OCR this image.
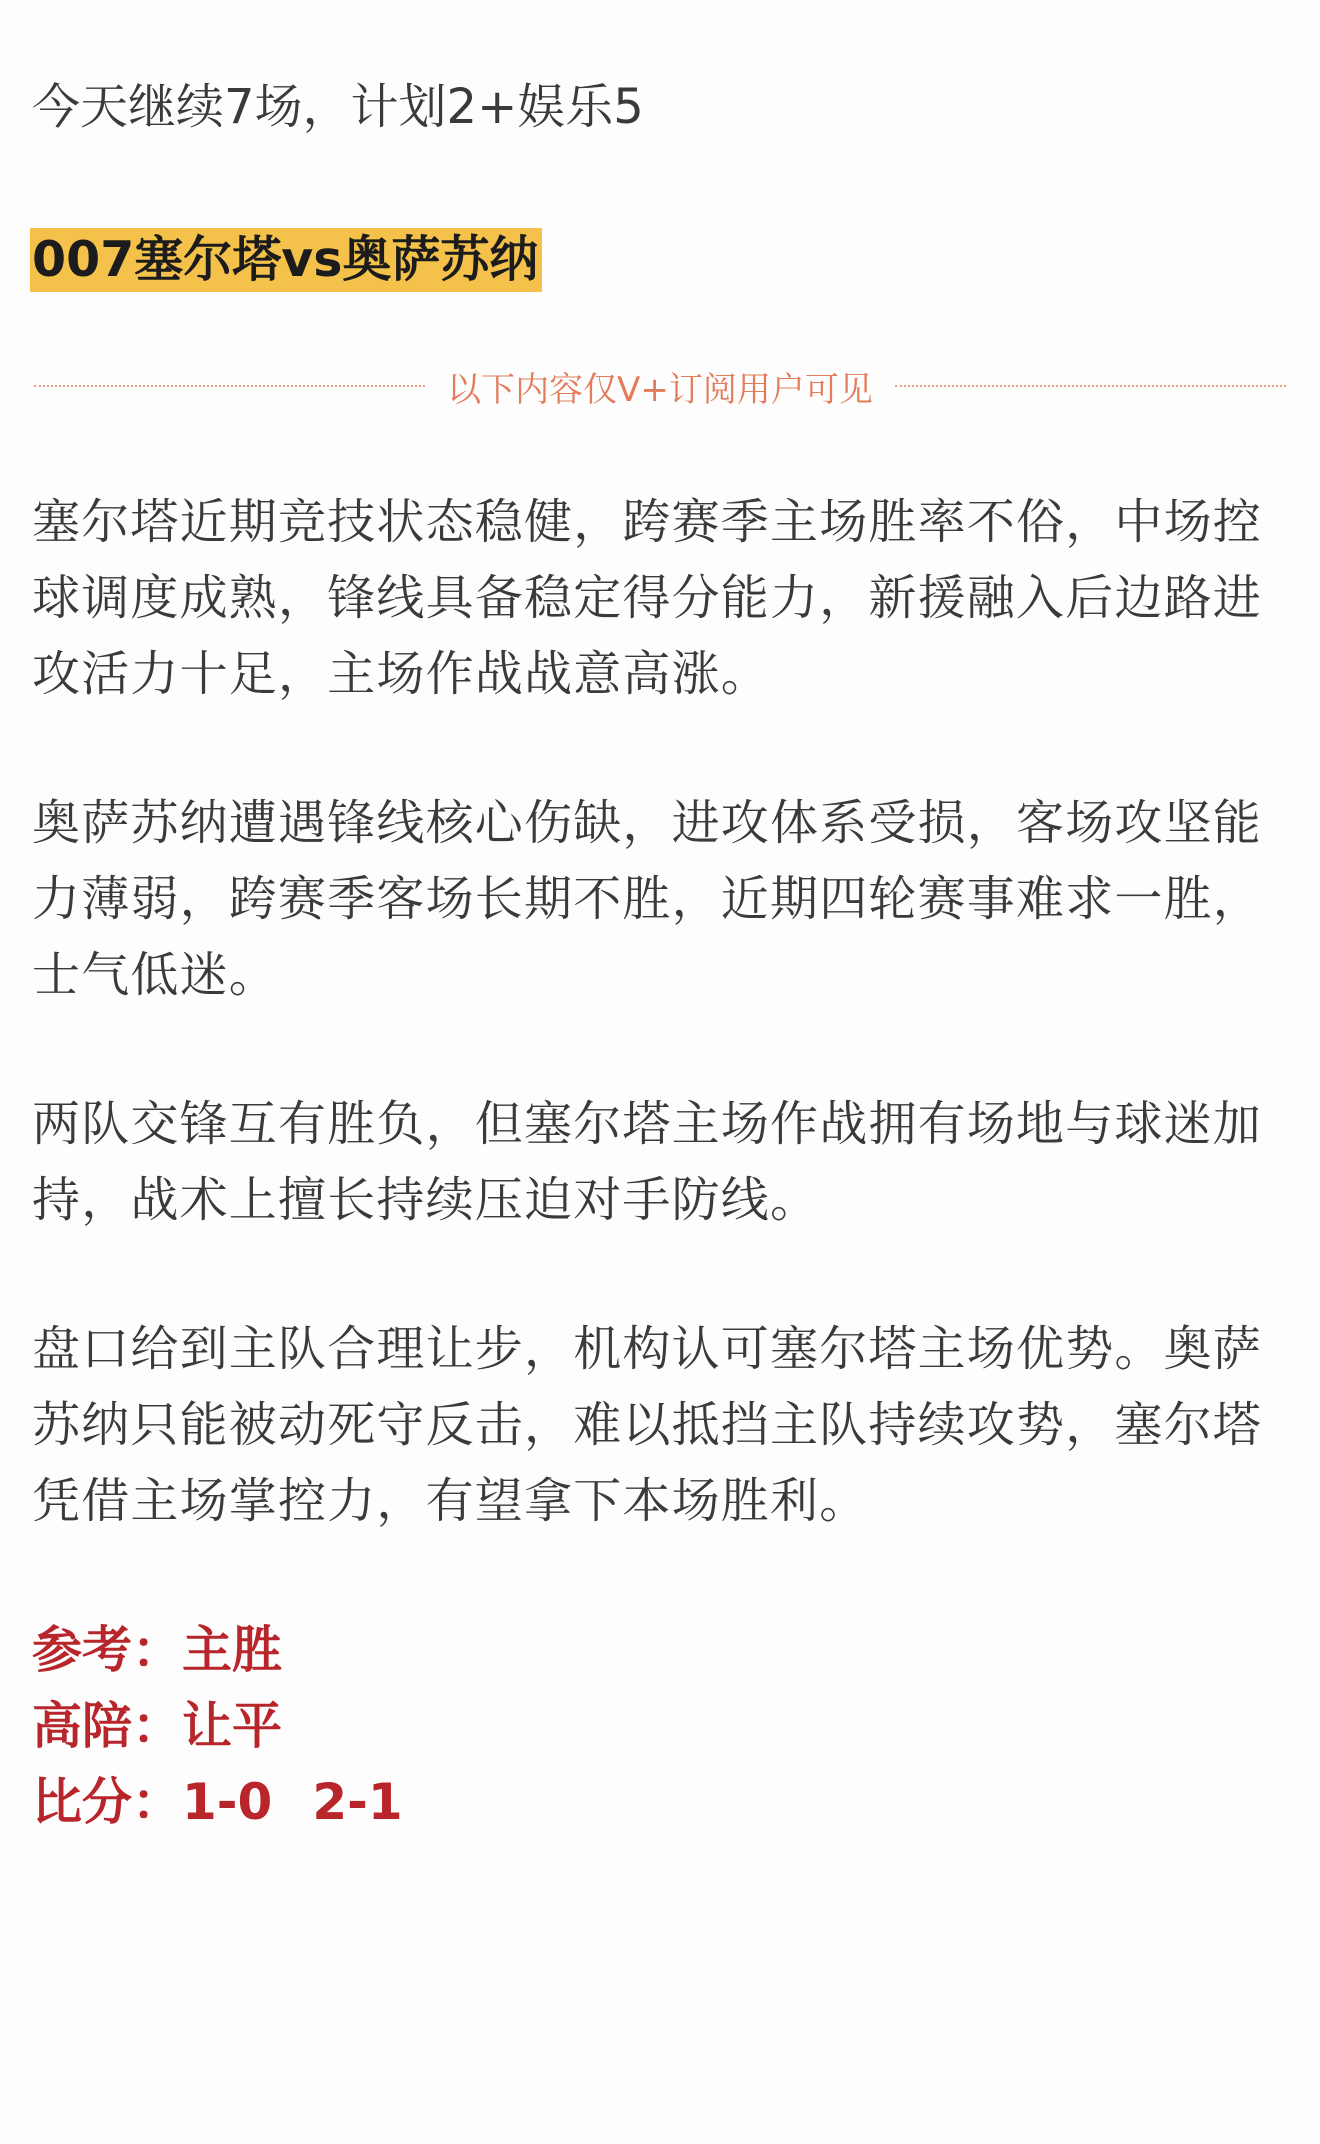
今天继续7场，计划2+娱乐5
007塞尔塔vs奥萨苏纳
以下内容仅V+订阅用户可见

塞尔塔近期竞技状态稳健，跨赛季主场胜率不俗，中场控球调度成熟，锋线具备稳定得分能力，新援融入后边路进攻活力十足，主场作战战意高涨。

奥萨苏纳遭遇锋线核心伤缺，进攻体系受损，客场攻坚能力薄弱，跨赛季客场长期不胜，近期四轮赛事难求一胜，士气低迷。

两队交锋互有胜负，但塞尔塔主场作战拥有场地与球迷加持，战术上擅长持续压迫对手防线。

盘口给到主队合理让步，机构认可塞尔塔主场优势。奥萨苏纳只能被动死守反击，难以抵挡主队持续攻势，塞尔塔凭借主场掌控力，有望拿下本场胜利。

参考：主胜
高陪：让平
比分：1-0 2-1
